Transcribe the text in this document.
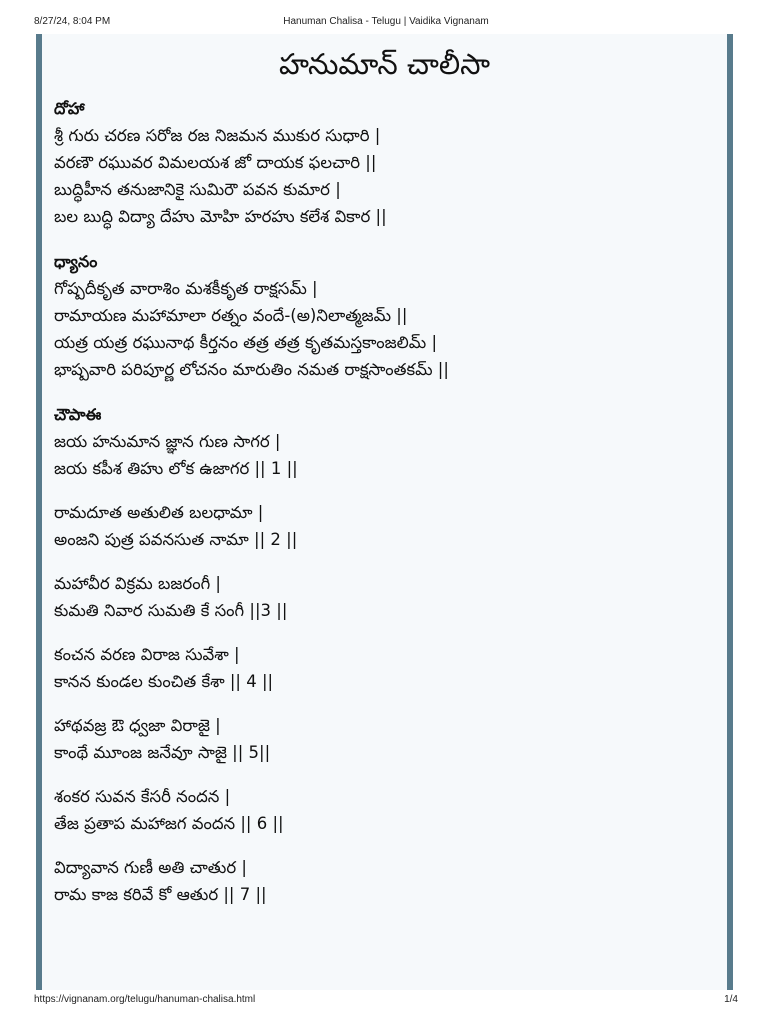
8/27/24, 8:04 PM	Hanuman Chalisa - Telugu | Vaidika Vignanam
హనుమాన్ చాలీసా
దోహా
శ్రీ గురు చరణ సరోజ రజ నిజమన ముకుర సుధారి |
వరణౌ రఘువర విమలయశ జో దాయక ఫలచారి ||
బుద్ధిహీన తనుజానికై సుమిరౌ పవన కుమార |
బల బుద్ధి విద్యా దేహు మోహి హరహు కలేశ వికార ||
ధ్యానం
గోష్పదీకృత వారాశిం మశకీకృత రాక్షసమ్ |
రామాయణ మహామాలా రత్నం వందే-(అ)నిలాత్మజమ్ ||
యత్ర యత్ర రఘునాథ కీర్తనం తత్ర తత్ర కృతమస్తకాంజలిమ్ |
భాష్పవారి పరిపూర్ణ లోచనం మారుతిం నమత రాక్షసాంతకమ్ ||
చౌపాఈ
జయ హనుమాన జ్ఞాన గుణ సాగర |
జయ కపీశ తిహు లోక ఉజాగర || 1 ||
రామదూత అతులిత బలధామా |
అంజని పుత్ర పవనసుత నామా || 2 ||
మహావీర విక్రమ బజరంగీ |
కుమతి నివార సుమతి కే సంగీ ||3 ||
కంచన వరణ విరాజ సువేశా |
కానన కుండల కుంచిత కేశా || 4 ||
హాథవజ్ర ఔ ధ్వజా విరాజై |
కాంథే మూంజ జనేవూ సాజై || 5||
శంకర సువన కేసరీ నందన |
తేజ ప్రతాప మహాజగ వందన || 6 ||
విద్యావాన గుణీ అతి చాతుర |
రామ కాజ కరివే కో ఆతుర || 7 ||
https://vignanam.org/telugu/hanuman-chalisa.html	1/4
